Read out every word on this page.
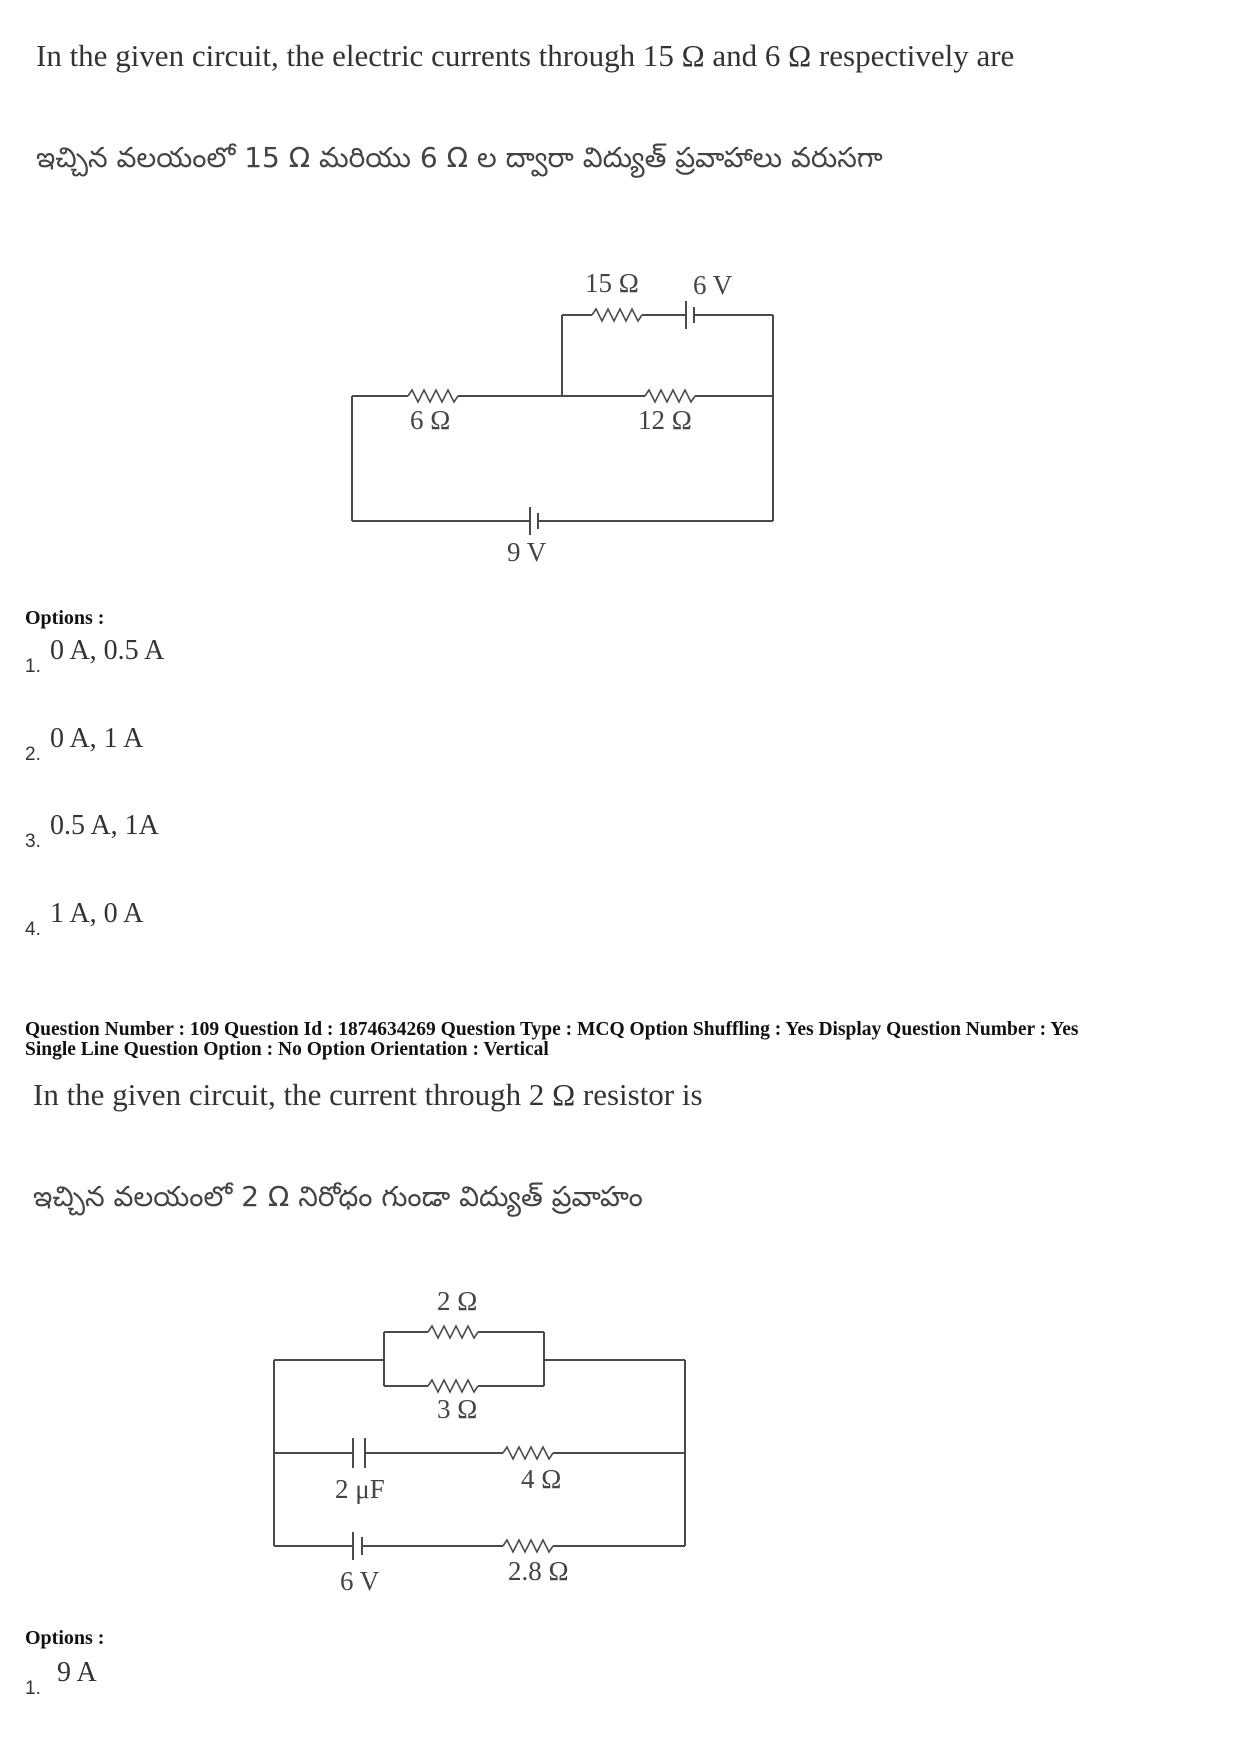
In the given circuit, the electric currents through 15 Ω and 6 Ω respectively are
ఇచ్చిన వలయంలో 15 Ω మరియు 6 Ω ల ద్వారా విద్యుత్ ప్రవాహాలు వరుసగా
15 Ω 6 V
6 Ω	12 Ω
9 V
Options :
1.
0 A, 0.5 A
2.
0 A, 1 A
3.
0.5 A, 1A
4.
1 A, 0 A
Question Number : 109 Question Id : 1874634269 Question Type : MCQ Option Shuffling : Yes Display Question Number : Yes
Single Line Question Option : No Option Orientation : Vertical
In the given circuit, the current through 2 Ω resistor is
ఇచ్చిన వలయంలో 2 Ω నిరోధం గుండా విద్యుత్ ప్రవాహం
2 Ω
3 Ω
2 μF	4 Ω
6 V	2.8 Ω
Options :
1.
9 A
